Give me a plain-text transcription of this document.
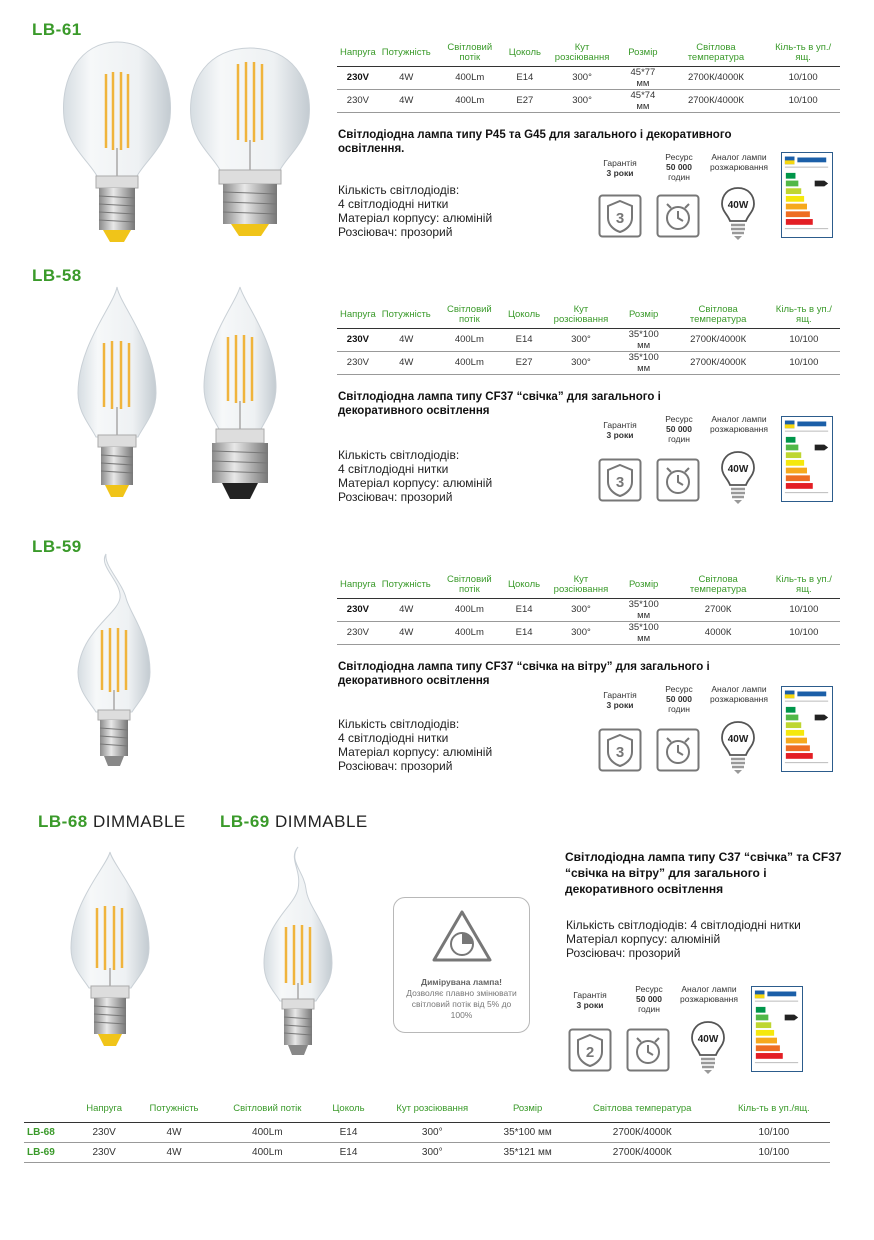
LB-61
Напруга	Потужність	Світловий потік	Цоколь	Кут розсіювання	Розмір	Світлова температура	Кіль-ть в уп./ящ.
230V	4W	400Lm	E14	300°	45*77 мм	2700К/4000К	10/100
230V	4W	400Lm	E27	300°	45*74 мм	2700К/4000К	10/100
Світлодіодна лампа типу P45 та G45 для загального і декоративного освітлення.
Кількість світлодіодів:
4 світлодіодні нитки
Матеріал корпусу: алюміній
Розсіювач: прозорий
Гарантія
3 роки
Ресурс
50 000
годин
Аналог лампи розжарювання
3
40W
LB-58
Напруга	Потужність	Світловий потік	Цоколь	Кут розсіювання	Розмір	Світлова температура	Кіль-ть в уп./ящ.
230V	4W	400Lm	E14	300°	35*100 мм	2700К/4000К	10/100
230V	4W	400Lm	E27	300°	35*100 мм	2700К/4000К	10/100
Світлодіодна лампа типу CF37 “свічка” для загального і декоративного освітлення
Кількість світлодіодів:
4 світлодіодні нитки
Матеріал корпусу: алюміній
Розсіювач: прозорий
Гарантія
3 роки
Ресурс
50 000
годин
Аналог лампи розжарювання
3
40W
LB-59
Напруга	Потужність	Світловий потік	Цоколь	Кут розсіювання	Розмір	Світлова температура	Кіль-ть в уп./ящ.
230V	4W	400Lm	E14	300°	35*100 мм	2700К	10/100
230V	4W	400Lm	E14	300°	35*100 мм	4000К	10/100
Світлодіодна лампа типу CF37 “свічка на вітру” для загального і декоративного освітлення
Кількість світлодіодів:
4 світлодіодні нитки
Матеріал корпусу: алюміній
Розсіювач: прозорий
Гарантія
3 роки
Ресурс
50 000
годин
Аналог лампи розжарювання
3
40W
LB-68 DIMMABLE LB-69 DIMMABLE
Димірувана лампа!
Дозволяє плавно змінювати світловий потік від 5% до 100%
Світлодіодна лампа типу C37 “свічка” та CF37 “свічка на вітру” для загального і декоративного освітлення
Кількість світлодіодів: 4 світлодіодні нитки
Матеріал корпусу: алюміній
Розсіювач: прозорий
Гарантія
3 роки
Ресурс
50 000
годин
Аналог лампи розжарювання
2
40W
	Напруга	Потужність	Світловий потік	Цоколь	Кут розсіювання	Розмір	Світлова температура	Кіль-ть в уп./ящ.
LB-68	230V	4W	400Lm	E14	300°	35*100 мм	2700К/4000К	10/100
LB-69	230V	4W	400Lm	E14	300°	35*121 мм	2700К/4000К	10/100
